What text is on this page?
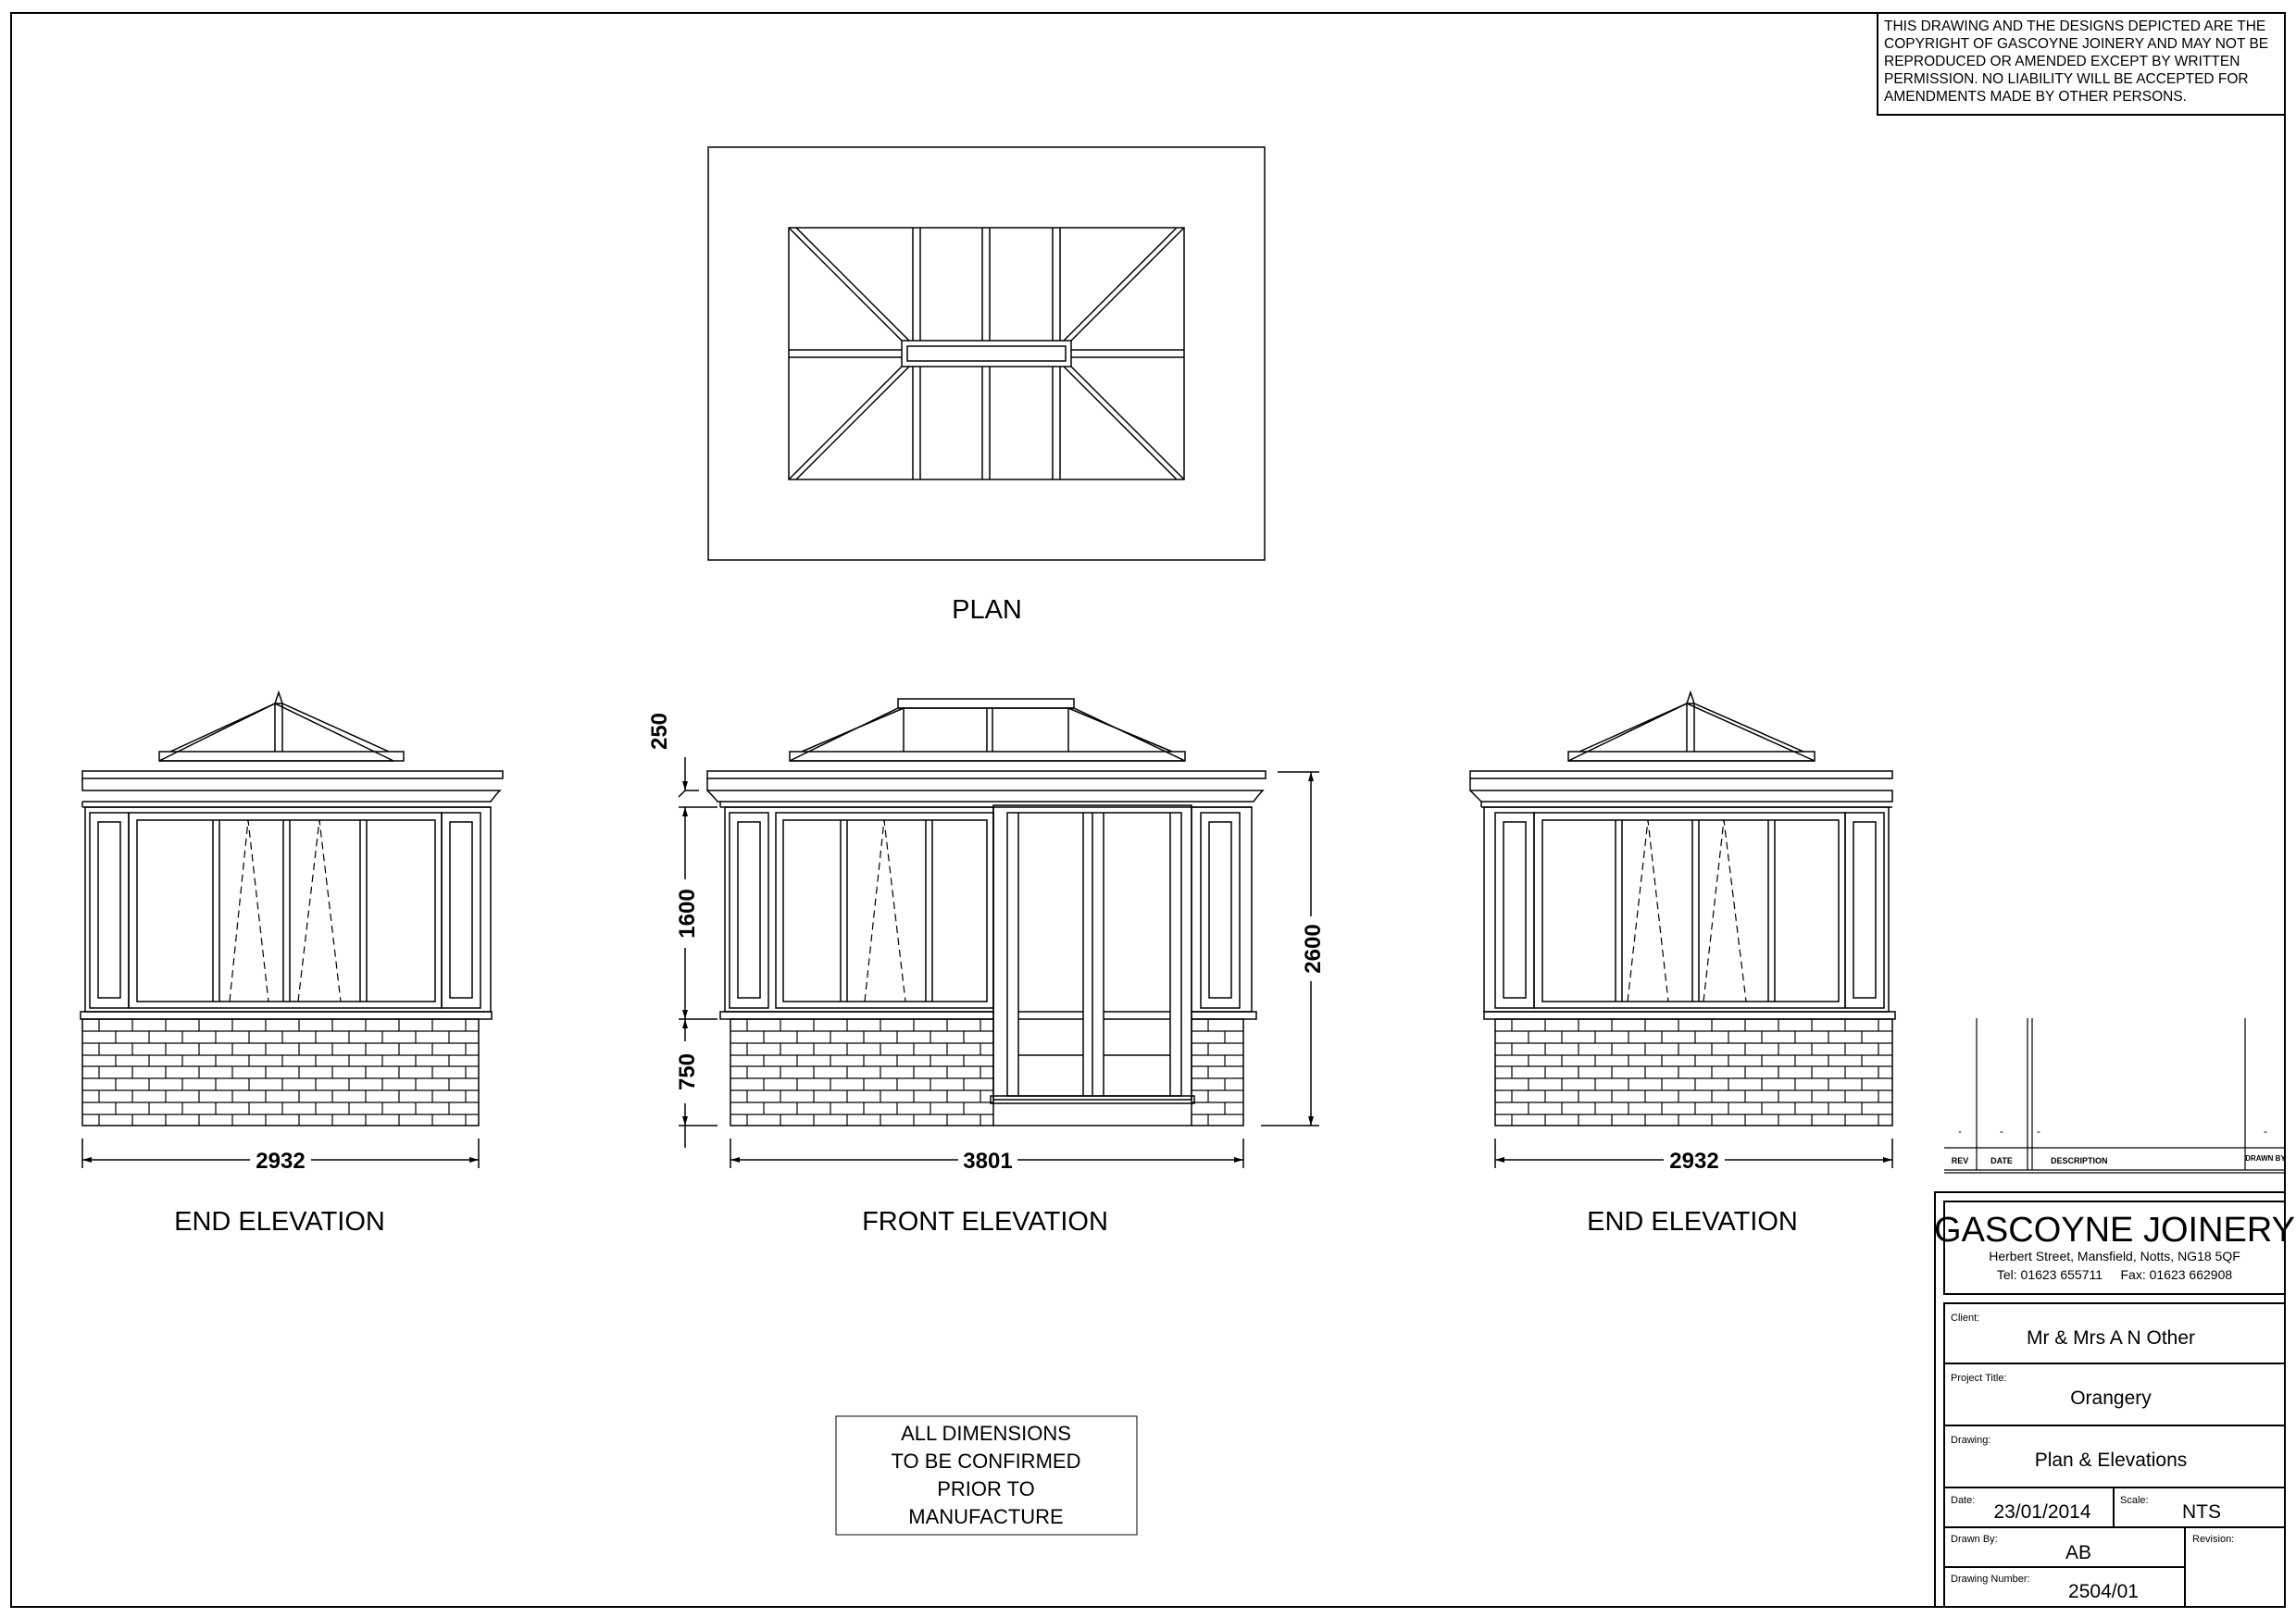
THIS DRAWING AND THE DESIGNS DEPICTED ARE THE
COPYRIGHT OF GASCOYNE JOINERY AND MAY NOT BE
REPRODUCED OR AMENDED EXCEPT BY WRITTEN
PERMISSION. NO LIABILITY WILL BE ACCEPTED FOR
AMENDMENTS MADE BY OTHER PERSONS.
PLAN
2932	3801	2932
250
1600
750
2600
END ELEVATION	FRONT ELEVATION	END ELEVATION
ALL DIMENSIONS
TO BE CONFIRMED
PRIOR TO
MANUFACTURE
-	-	-	-
REV	DATE	DESCRIPTION	DRAWN BY
GASCOYNE JOINERY
Herbert Street, Mansfield, Notts, NG18 5QF
Tel: 01623 655711     Fax: 01623 662908
Client:
Mr & Mrs A N Other
Project Title:
Orangery
Drawing:
Plan & Elevations
Date:
23/01/2014
Scale:
NTS
Drawn By:
AB
Revision:
Drawing Number:
2504/01
